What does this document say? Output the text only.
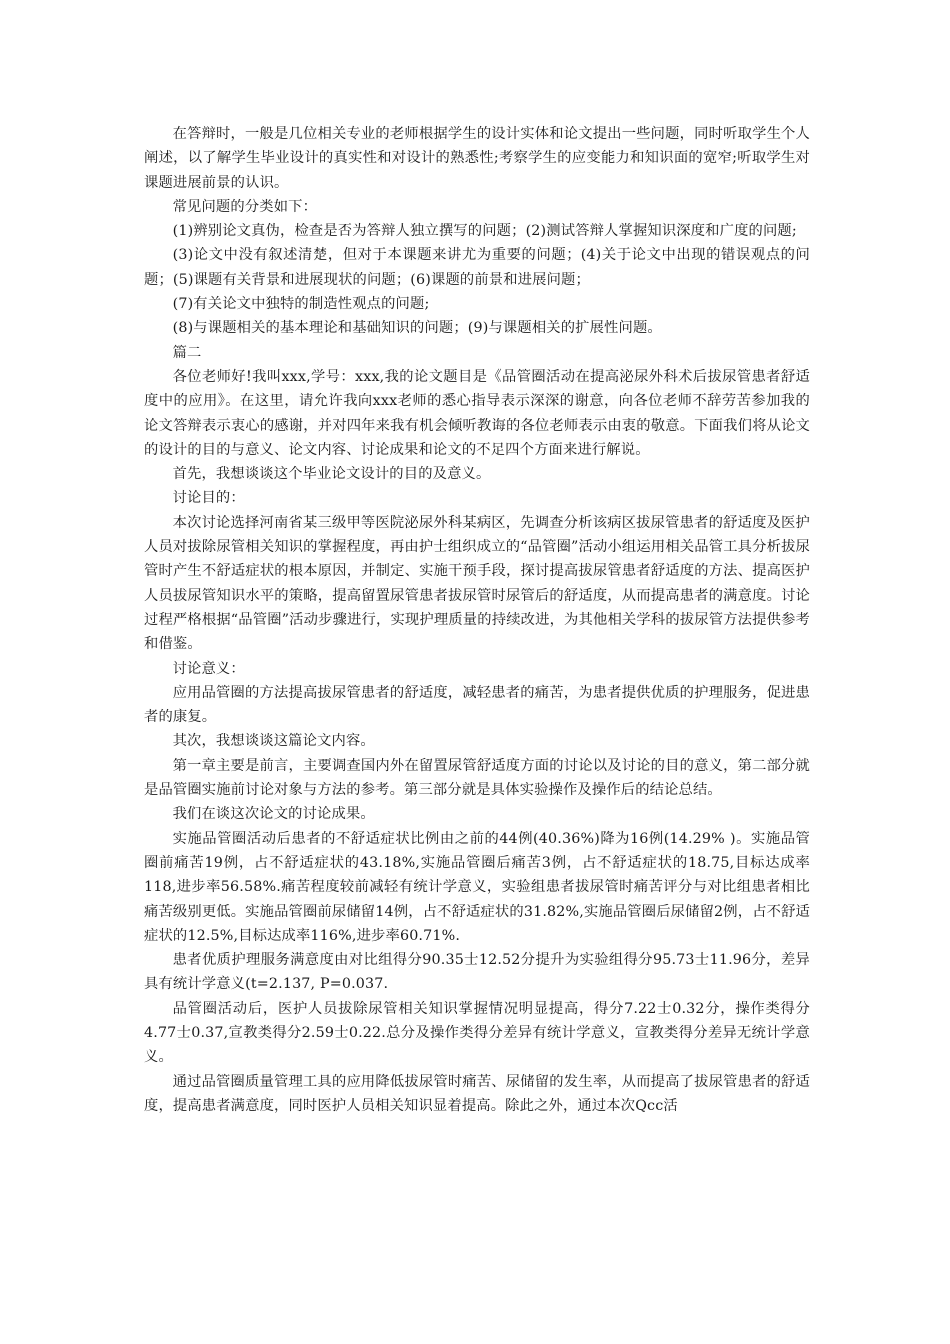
在答辩时，一般是几位相关专业的老师根据学生的设计实体和论文提出一些问题，同时听取学生个人阐述，以了解学生毕业设计的真实性和对设计的熟悉性;考察学生的应变能力和知识面的宽窄;听取学生对课题进展前景的认识。

常见问题的分类如下：

(1)辨别论文真伪，检查是否为答辩人独立撰写的问题；(2)测试答辩人掌握知识深度和广度的问题;

(3)论文中没有叙述清楚，但对于本课题来讲尤为重要的问题；(4)关于论文中出现的错误观点的问题；(5)课题有关背景和进展现状的问题；(6)课题的前景和进展问题；

(7)有关论文中独特的制造性观点的问题;

(8)与课题相关的基本理论和基础知识的问题；(9)与课题相关的扩展性问题。

篇二

各位老师好!我叫xxx,学号：xxx,我的论文题目是《品管圈活动在提高泌尿外科术后拔尿管患者舒适度中的应用》。在这里，请允许我向xxx老师的悉心指导表示深深的谢意，向各位老师不辞劳苦参加我的论文答辩表示衷心的感谢，并对四年来我有机会倾听教诲的各位老师表示由衷的敬意。下面我们将从论文的设计的目的与意义、论文内容、讨论成果和论文的不足四个方面来进行解说。

首先，我想谈谈这个毕业论文设计的目的及意义。

讨论目的：

本次讨论选择河南省某三级甲等医院泌尿外科某病区，先调查分析该病区拔尿管患者的舒适度及医护人员对拔除尿管相关知识的掌握程度，再由护士组织成立的“品管圈”活动小组运用相关品管工具分析拔尿管时产生不舒适症状的根本原因，并制定、实施干预手段，探讨提高拔尿管患者舒适度的方法、提高医护人员拔尿管知识水平的策略，提高留置尿管患者拔尿管时尿管后的舒适度，从而提高患者的满意度。讨论过程严格根据“品管圈”活动步骤进行，实现护理质量的持续改进，为其他相关学科的拔尿管方法提供参考和借鉴。

讨论意义：

应用品管圈的方法提高拔尿管患者的舒适度，减轻患者的痛苦，为患者提供优质的护理服务，促进患者的康复。

其次，我想谈谈这篇论文内容。

第一章主要是前言，主要调查国内外在留置尿管舒适度方面的讨论以及讨论的目的意义，第二部分就是品管圈实施前讨论对象与方法的参考。第三部分就是具体实验操作及操作后的结论总结。

我们在谈这次论文的讨论成果。

实施品管圈活动后患者的不舒适症状比例由之前的44例(40.36%)降为16例(14.29% )。实施品管圈前痛苦19例，占不舒适症状的43.18%,实施品管圈后痛苦3例，占不舒适症状的18.75,目标达成率118,进步率56.58%.痛苦程度较前减轻有统计学意义，实验组患者拔尿管时痛苦评分与对比组患者相比痛苦级别更低。实施品管圈前尿储留14例，占不舒适症状的31.82%,实施品管圈后尿储留2例，占不舒适症状的12.5%,目标达成率116%,进步率60.71%.

患者优质护理服务满意度由对比组得分90.35士12.52分提升为实验组得分95.73士11.96分，差异具有统计学意义(t=2.137, P=0.037.

品管圈活动后，医护人员拔除尿管相关知识掌握情况明显提高，得分7.22士0.32分，操作类得分4.77士0.37,宣教类得分2.59士0.22.总分及操作类得分差异有统计学意义，宣教类得分差异无统计学意义。

通过品管圈质量管理工具的应用降低拔尿管时痛苦、尿储留的发生率，从而提高了拔尿管患者的舒适度，提高患者满意度，同时医护人员相关知识显着提高。除此之外，通过本次Qcc活
